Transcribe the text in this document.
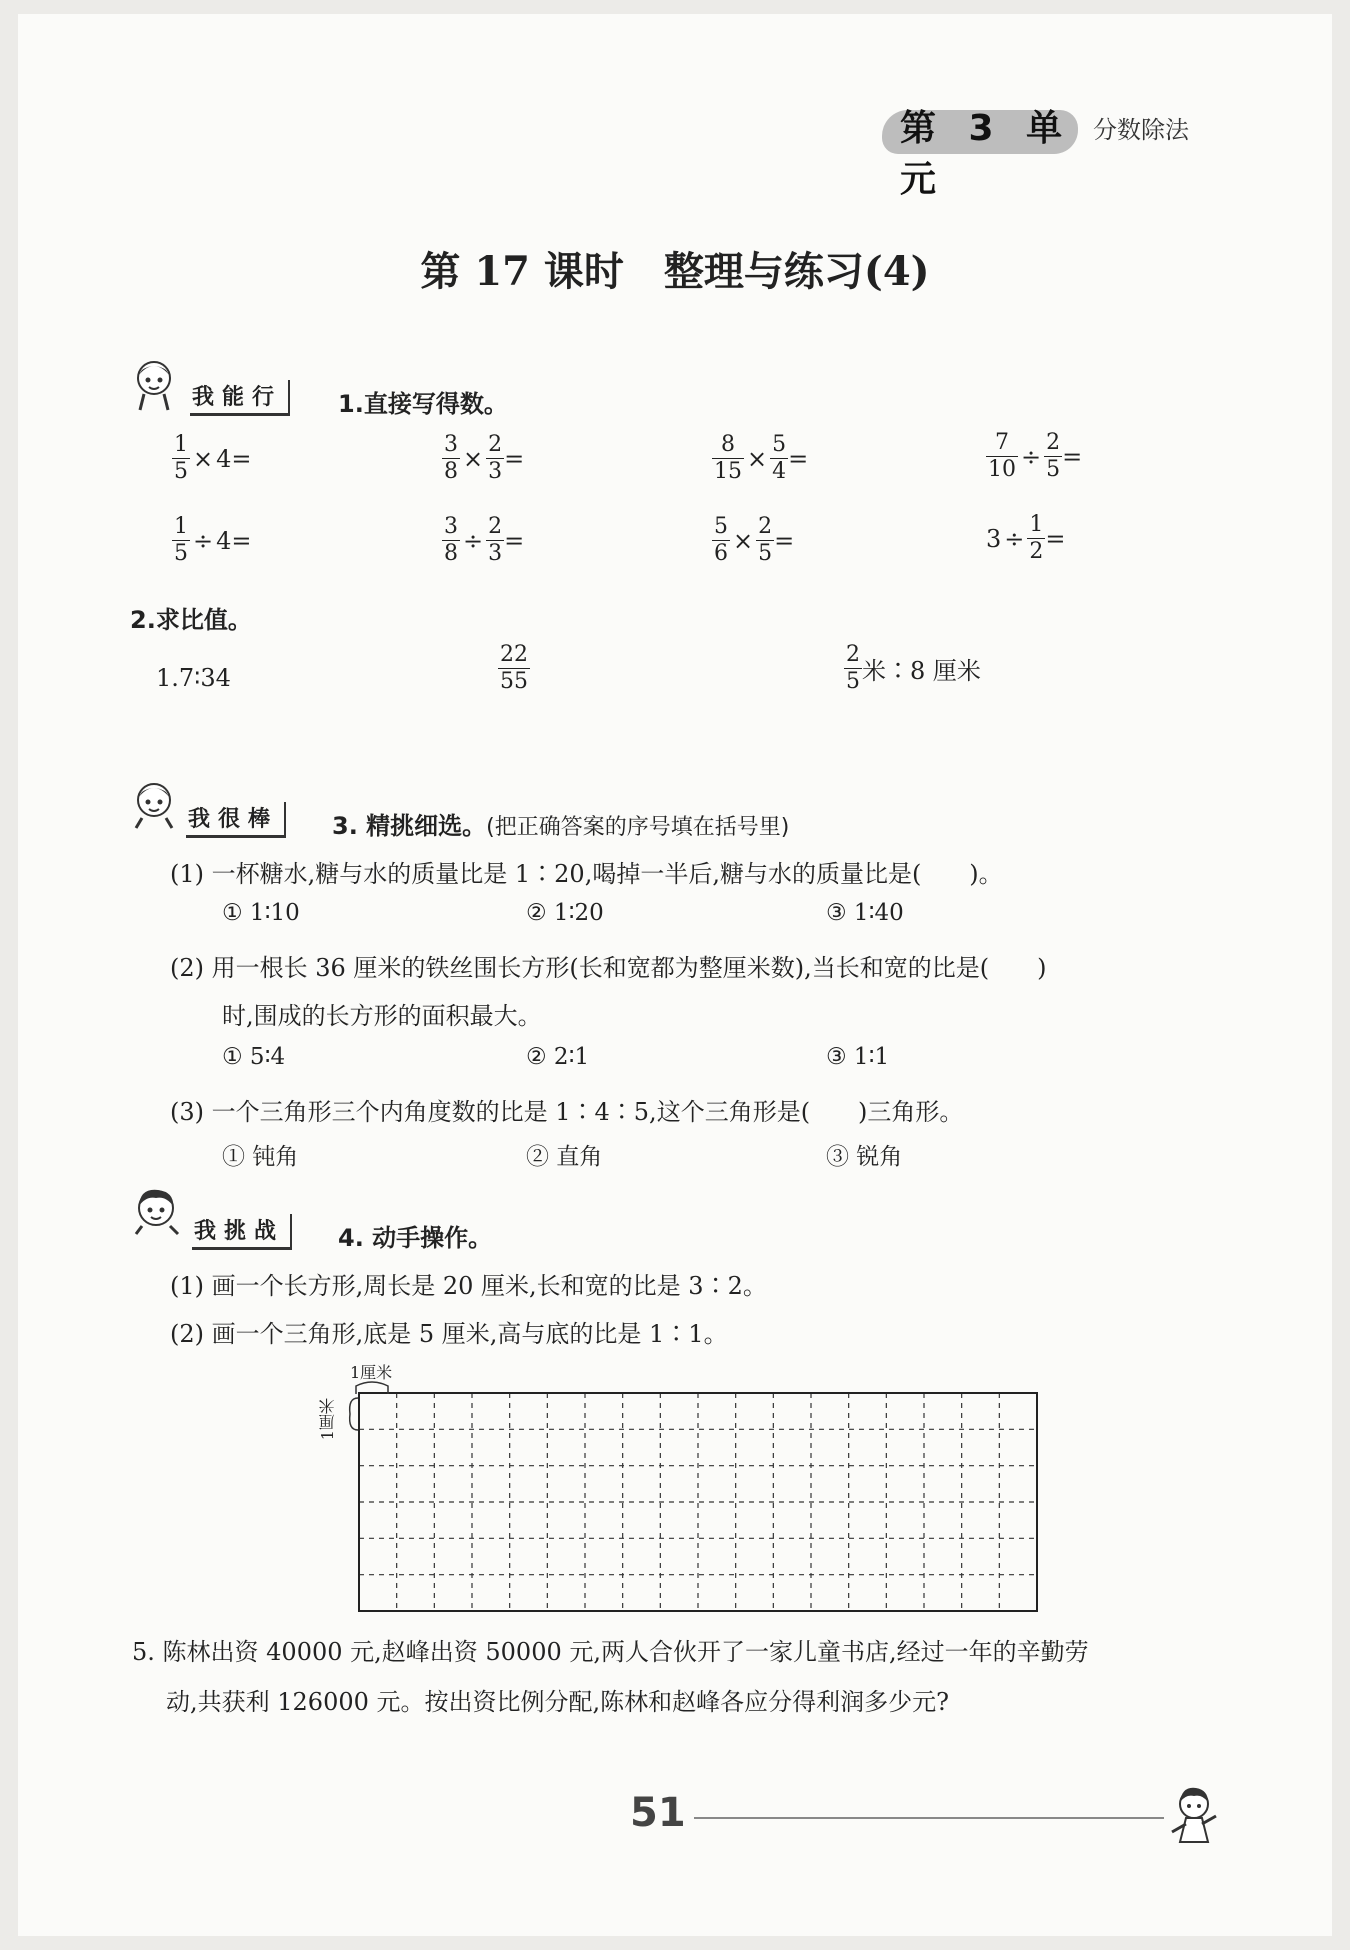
第 3 单元
分数除法
第 17 课时　整理与练习(4)
我能行	1.直接写得数。
$\frac{1}{5} \times 4$ =	$\frac{3}{8} \times \frac{2}{3}$ =	$\frac{8}{15} \times \frac{5}{4}$ =	$\frac{7}{10} \div \frac{2}{5}$ =
$\frac{1}{5} \div 4$ =	$\frac{3}{8} \div \frac{2}{3}$ =	$\frac{5}{6} \times \frac{2}{5}$ =	$3 \div \frac{1}{2}$ =
2.求比值。
1.7∶34	$\frac{22}{55}$	$\frac{2}{5}$ 米∶8 厘米
我很棒	3. 精挑细选。(把正确答案的序号填在括号里)
(1) 一杯糖水,糖与水的质量比是 1∶20,喝掉一半后,糖与水的质量比是(　　)。
① 1∶10	② 1∶20	③ 1∶40
(2) 用一根长 36 厘米的铁丝围长方形(长和宽都为整厘米数),当长和宽的比是(　　)
时,围成的长方形的面积最大。
① 5∶4	② 2∶1	③ 1∶1
(3) 一个三角形三个内角度数的比是 1∶4∶5,这个三角形是(　　)三角形。
① 钝角	② 直角	③ 锐角
我挑战	4. 动手操作。
(1) 画一个长方形,周长是 20 厘米,长和宽的比是 3∶2。
(2) 画一个三角形,底是 5 厘米,高与底的比是 1∶1。
1厘米
1厘米
5. 陈林出资 40000 元,赵峰出资 50000 元,两人合伙开了一家儿童书店,经过一年的辛勤劳
动,共获利 126000 元。按出资比例分配,陈林和赵峰各应分得利润多少元?
51
